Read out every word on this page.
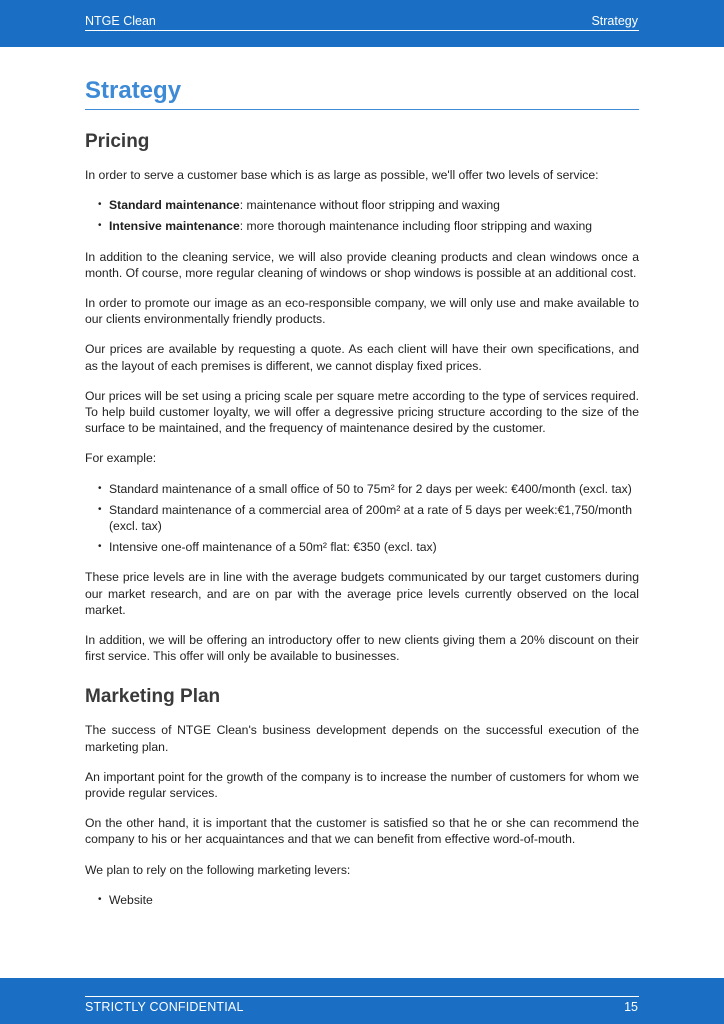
NTGE Clean	Strategy
Strategy
Pricing

In order to serve a customer base which is as large as possible, we'll offer two levels of service:

• Standard maintenance: maintenance without floor stripping and waxing
• Intensive maintenance: more thorough maintenance including floor stripping and waxing

In addition to the cleaning service, we will also provide cleaning products and clean windows once a month. Of course, more regular cleaning of windows or shop windows is possible at an additional cost.

In order to promote our image as an eco-responsible company, we will only use and make available to our clients environmentally friendly products.

Our prices are available by requesting a quote. As each client will have their own specifications, and as the layout of each premises is different, we cannot display fixed prices.

Our prices will be set using a pricing scale per square metre according to the type of services required. To help build customer loyalty, we will offer a degressive pricing structure according to the size of the surface to be maintained, and the frequency of maintenance desired by the customer.

For example:

• Standard maintenance of a small office of 50 to 75m² for 2 days per week: €400/month (excl. tax)
• Standard maintenance of a commercial area of 200m² at a rate of 5 days per week:€1,750/month (excl. tax)
• Intensive one-off maintenance of a 50m² flat: €350 (excl. tax)

These price levels are in line with the average budgets communicated by our target customers during our market research, and are on par with the average price levels currently observed on the local market.

In addition, we will be offering an introductory offer to new clients giving them a 20% discount on their first service. This offer will only be available to businesses.

Marketing Plan

The success of NTGE Clean's business development depends on the successful execution of the marketing plan.

An important point for the growth of the company is to increase the number of customers for whom we provide regular services.

On the other hand, it is important that the customer is satisfied so that he or she can recommend the company to his or her acquaintances and that we can benefit from effective word-of-mouth.

We plan to rely on the following marketing levers:

• Website
STRICTLY CONFIDENTIAL	15
